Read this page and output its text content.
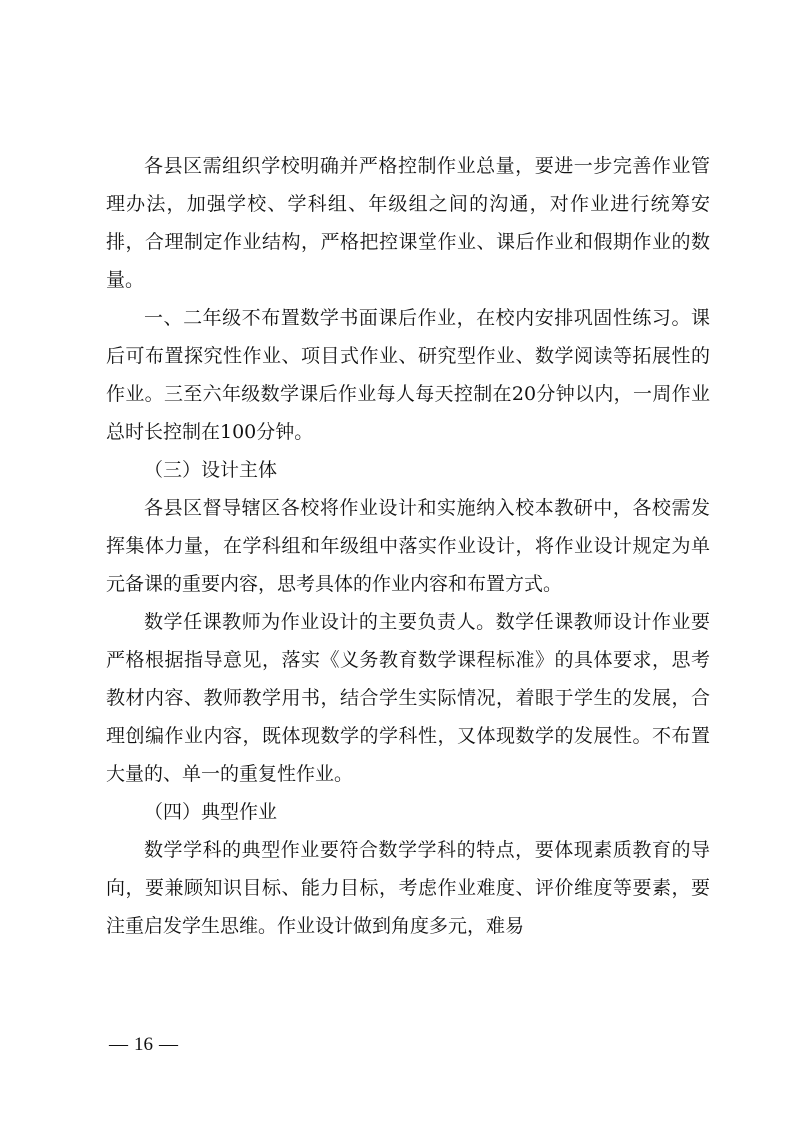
各县区需组织学校明确并严格控制作业总量，要进一步完善作业管理办法，加强学校、学科组、年级组之间的沟通，对作业进行统筹安排，合理制定作业结构，严格把控课堂作业、课后作业和假期作业的数量。

一、二年级不布置数学书面课后作业，在校内安排巩固性练习。课后可布置探究性作业、项目式作业、研究型作业、数学阅读等拓展性的作业。三至六年级数学课后作业每人每天控制在20分钟以内，一周作业总时长控制在100分钟。

（三）设计主体

各县区督导辖区各校将作业设计和实施纳入校本教研中，各校需发挥集体力量，在学科组和年级组中落实作业设计，将作业设计规定为单元备课的重要内容，思考具体的作业内容和布置方式。

数学任课教师为作业设计的主要负责人。数学任课教师设计作业要严格根据指导意见，落实《义务教育数学课程标准》的具体要求，思考教材内容、教师教学用书，结合学生实际情况，着眼于学生的发展，合理创编作业内容，既体现数学的学科性，又体现数学的发展性。不布置大量的、单一的重复性作业。

（四）典型作业

数学学科的典型作业要符合数学学科的特点，要体现素质教育的导向，要兼顾知识目标、能力目标，考虑作业难度、评价维度等要素，要注重启发学生思维。作业设计做到角度多元，难易

— 16 —
